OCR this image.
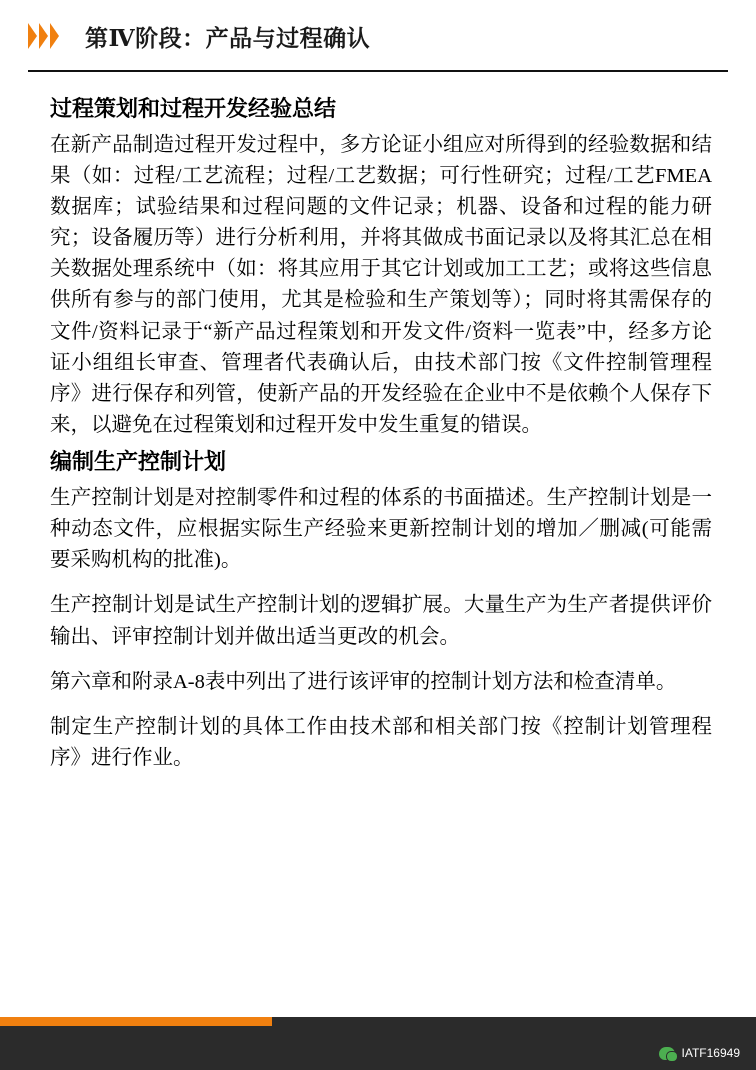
第Ⅳ阶段：产品与过程确认
过程策划和过程开发经验总结

在新产品制造过程开发过程中，多方论证小组应对所得到的经验数据和结果（如：过程/工艺流程；过程/工艺数据；可行性研究；过程/工艺FMEA数据库；试验结果和过程问题的文件记录；机器、设备和过程的能力研究；设备履历等）进行分析利用，并将其做成书面记录以及将其汇总在相关数据处理系统中（如：将其应用于其它计划或加工工艺；或将这些信息供所有参与的部门使用，尤其是检验和生产策划等）；同时将其需保存的文件/资料记录于“新产品过程策划和开发文件/资料一览表”中，经多方论证小组组长审查、管理者代表确认后，由技术部门按《文件控制管理程序》进行保存和列管，使新产品的开发经验在企业中不是依赖个人保存下来，以避免在过程策划和过程开发中发生重复的错误。

编制生产控制计划

生产控制计划是对控制零件和过程的体系的书面描述。生产控制计划是一种动态文件，应根据实际生产经验来更新控制计划的增加／删减(可能需要采购机构的批准)。

生产控制计划是试生产控制计划的逻辑扩展。大量生产为生产者提供评价输出、评审控制计划并做出适当更改的机会。

第六章和附录A-8表中列出了进行该评审的控制计划方法和检查清单。

制定生产控制计划的具体工作由技术部和相关部门按《控制计划管理程序》进行作业。

IATF16949
